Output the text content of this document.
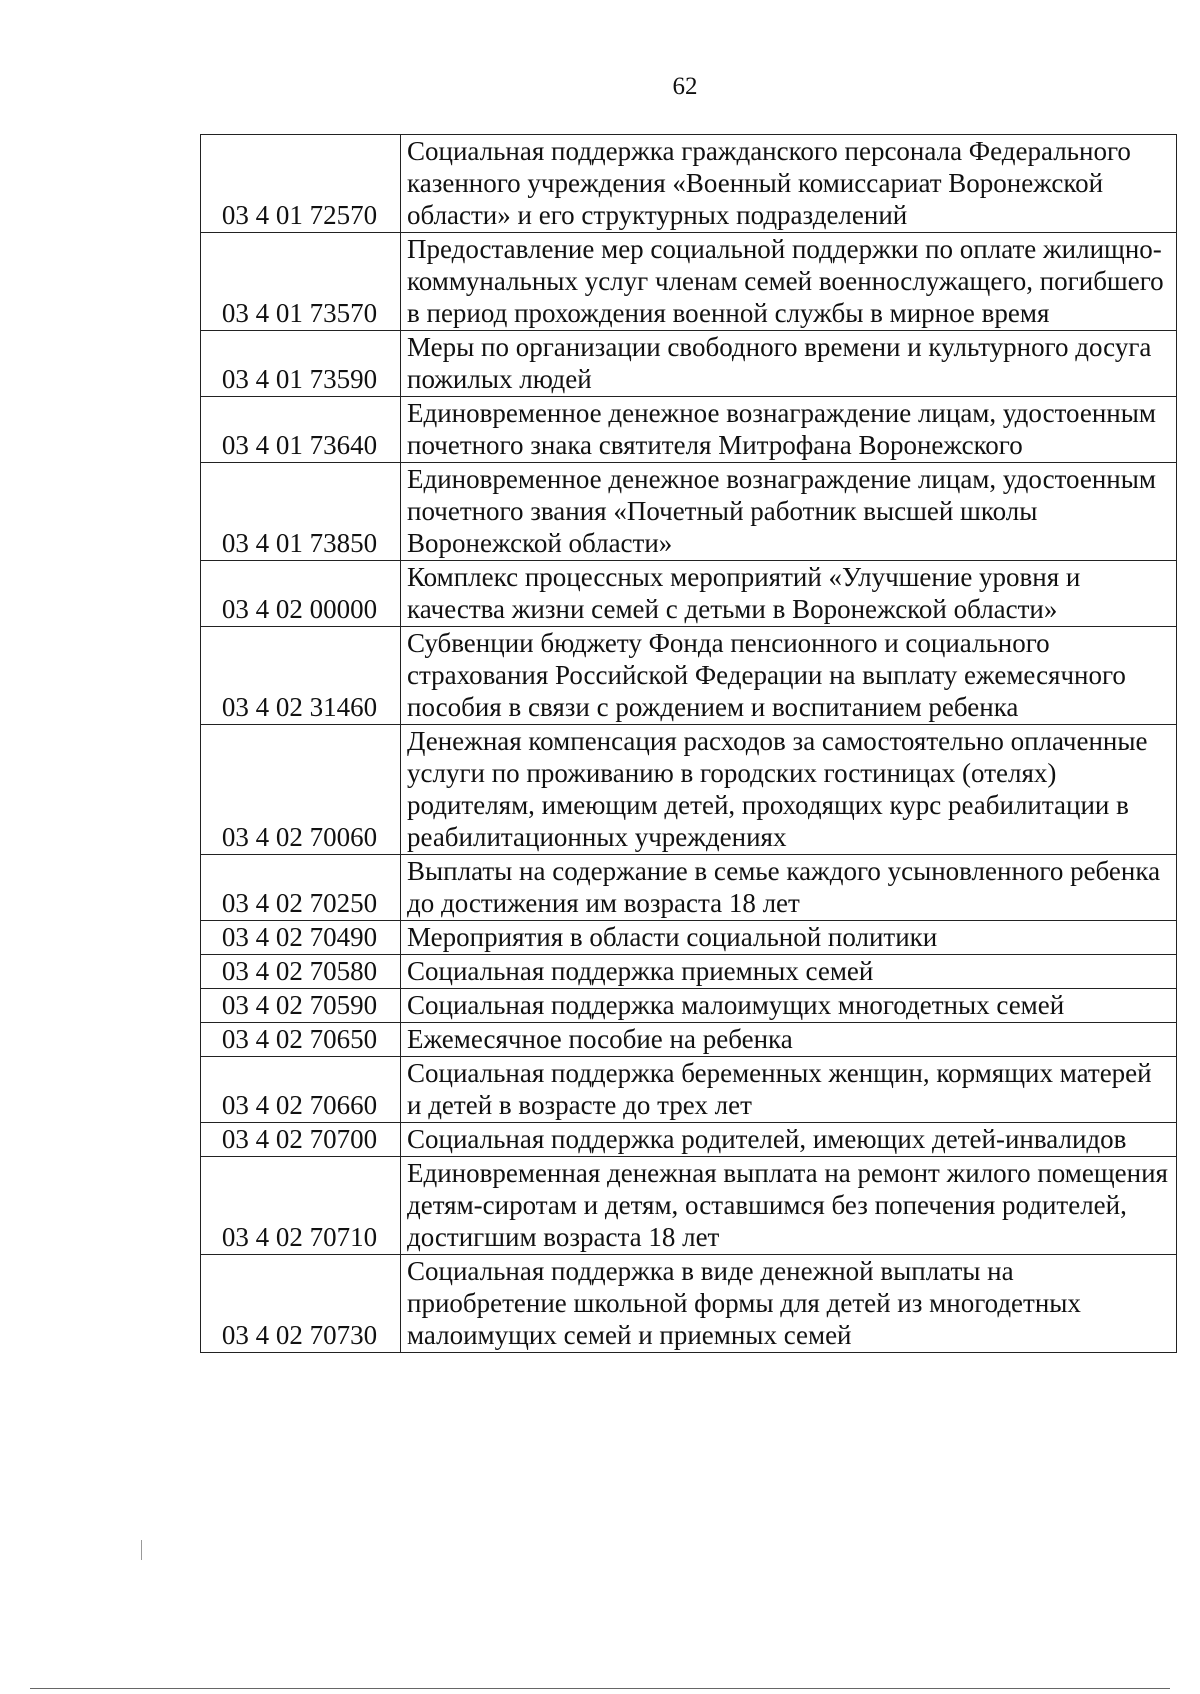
62
03 4 01 72570	Социальная поддержка гражданского персонала Федерального казенного учреждения «Военный комиссариат Воронежской области» и его структурных подразделений
03 4 01 73570	Предоставление мер социальной поддержки по оплате жилищно-коммунальных услуг членам семей военнослужащего, погибшего в период прохождения военной службы в мирное время
03 4 01 73590	Меры по организации свободного времени и культурного досуга пожилых людей
03 4 01 73640	Единовременное денежное вознаграждение лицам, удостоенным почетного знака святителя Митрофана Воронежского
03 4 01 73850	Единовременное денежное вознаграждение лицам, удостоенным почетного звания «Почетный работник высшей школы Воронежской области»
03 4 02 00000	Комплекс процессных мероприятий «Улучшение уровня и качества жизни семей с детьми в Воронежской области»
03 4 02 31460	Субвенции бюджету Фонда пенсионного и социального страхования Российской Федерации на выплату ежемесячного пособия в связи с рождением и воспитанием ребенка
03 4 02 70060	Денежная компенсация расходов за самостоятельно оплаченные услуги по проживанию в городских гостиницах (отелях) родителям, имеющим детей, проходящих курс реабилитации в реабилитационных учреждениях
03 4 02 70250	Выплаты на содержание в семье каждого усыновленного ребенка до достижения им возраста 18 лет
03 4 02 70490	Мероприятия в области социальной политики
03 4 02 70580	Социальная поддержка приемных семей
03 4 02 70590	Социальная поддержка малоимущих многодетных семей
03 4 02 70650	Ежемесячное пособие на ребенка
03 4 02 70660	Социальная поддержка беременных женщин, кормящих матерей и детей в возрасте до трех лет
03 4 02 70700	Социальная поддержка родителей, имеющих детей-инвалидов
03 4 02 70710	Единовременная денежная выплата на ремонт жилого помещения детям-сиротам и детям, оставшимся без попечения родителей, достигшим возраста 18 лет
03 4 02 70730	Социальная поддержка в виде денежной выплаты на приобретение школьной формы для детей из многодетных малоимущих семей и приемных семей
